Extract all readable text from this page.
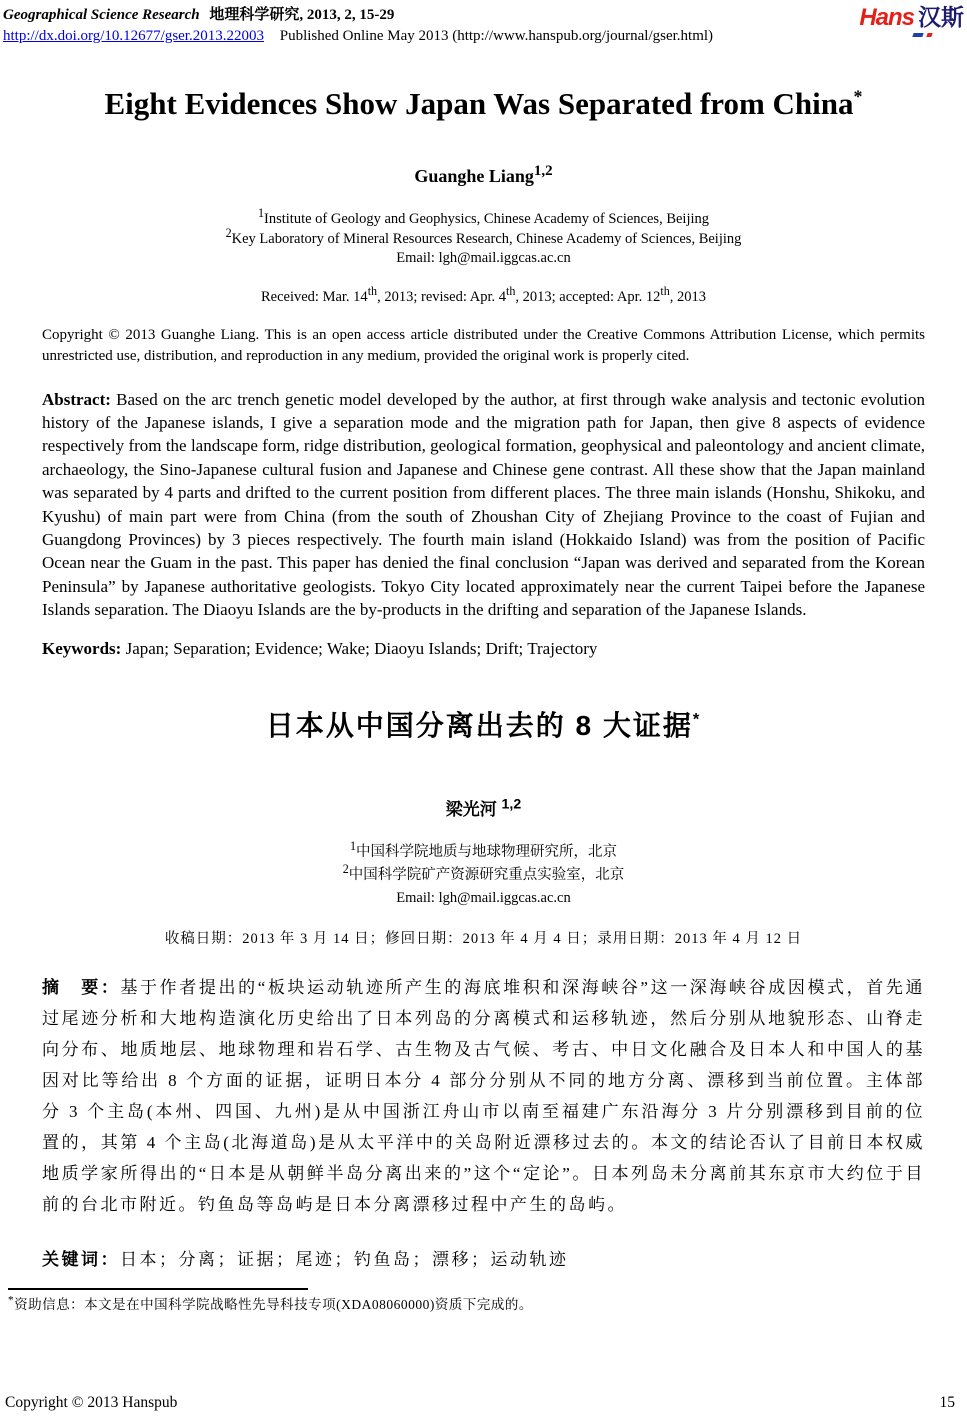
Geographical Science Research 地理科学研究, 2013, 2, 15-29
http://dx.doi.org/10.12677/gser.2013.22003 Published Online May 2013 (http://www.hanspub.org/journal/gser.html)
Hans 汉斯
Eight Evidences Show Japan Was Separated from China*
Guanghe Liang$^{1,2}$
$^1$Institute of Geology and Geophysics, Chinese Academy of Sciences, Beijing
$^2$Key Laboratory of Mineral Resources Research, Chinese Academy of Sciences, Beijing
Email: lgh@mail.iggcas.ac.cn
Received: Mar. 14th, 2013; revised: Apr. 4th, 2013; accepted: Apr. 12th, 2013

Copyright © 2013 Guanghe Liang. This is an open access article distributed under the Creative Commons Attribution License, which permits unrestricted use, distribution, and reproduction in any medium, provided the original work is properly cited.

Abstract: Based on the arc trench genetic model developed by the author, at first through wake analysis and tectonic evolution history of the Japanese islands, I give a separation mode and the migration path for Japan, then give 8 aspects of evidence respectively from the landscape form, ridge distribution, geological formation, geophysical and paleontology and ancient climate, archaeology, the Sino-Japanese cultural fusion and Japanese and Chinese gene contrast. All these show that the Japan mainland was separated by 4 parts and drifted to the current position from different places. The three main islands (Honshu, Shikoku, and Kyushu) of main part were from China (from the south of Zhoushan City of Zhejiang Province to the coast of Fujian and Guangdong Provinces) by 3 pieces respectively. The fourth main island (Hokkaido Island) was from the position of Pacific Ocean near the Guam in the past. This paper has denied the final conclusion “Japan was derived and separated from the Korean Peninsula” by Japanese authoritative geologists. Tokyo City located approximately near the current Taipei before the Japanese Islands separation. The Diaoyu Islands are the by-products in the drifting and separation of the Japanese Islands.

Keywords: Japan; Separation; Evidence; Wake; Diaoyu Islands; Drift; Trajectory

日本从中国分离出去的 8 大证据*
梁光河 $^{1,2}$
$^1$中国科学院地质与地球物理研究所，北京
$^2$中国科学院矿产资源研究重点实验室，北京
Email: lgh@mail.iggcas.ac.cn
收稿日期：2013 年 3 月 14 日；修回日期：2013 年 4 月 4 日；录用日期：2013 年 4 月 12 日

摘　要：基于作者提出的“板块运动轨迹所产生的海底堆积和深海峡谷”这一深海峡谷成因模式，首先通过尾迹分析和大地构造演化历史给出了日本列岛的分离模式和运移轨迹，然后分别从地貌形态、山脊走向分布、地质地层、地球物理和岩石学、古生物及古气候、考古、中日文化融合及日本人和中国人的基因对比等给出 8 个方面的证据，证明日本分 4 部分分别从不同的地方分离、漂移到当前位置。主体部分 3 个主岛(本州、四国、九州)是从中国浙江舟山市以南至福建广东沿海分 3 片分别漂移到目前的位置的，其第 4 个主岛(北海道岛)是从太平洋中的关岛附近漂移过去的。本文的结论否认了目前日本权威地质学家所得出的“日本是从朝鲜半岛分离出来的”这个“定论”。日本列岛未分离前其东京市大约位于目前的台北市附近。钓鱼岛等岛屿是日本分离漂移过程中产生的岛屿。

关键词：日本；分离；证据；尾迹；钓鱼岛；漂移；运动轨迹

*资助信息：本文是在中国科学院战略性先导科技专项(XDA08060000)资质下完成的。
Copyright © 2013 Hanspub	15
